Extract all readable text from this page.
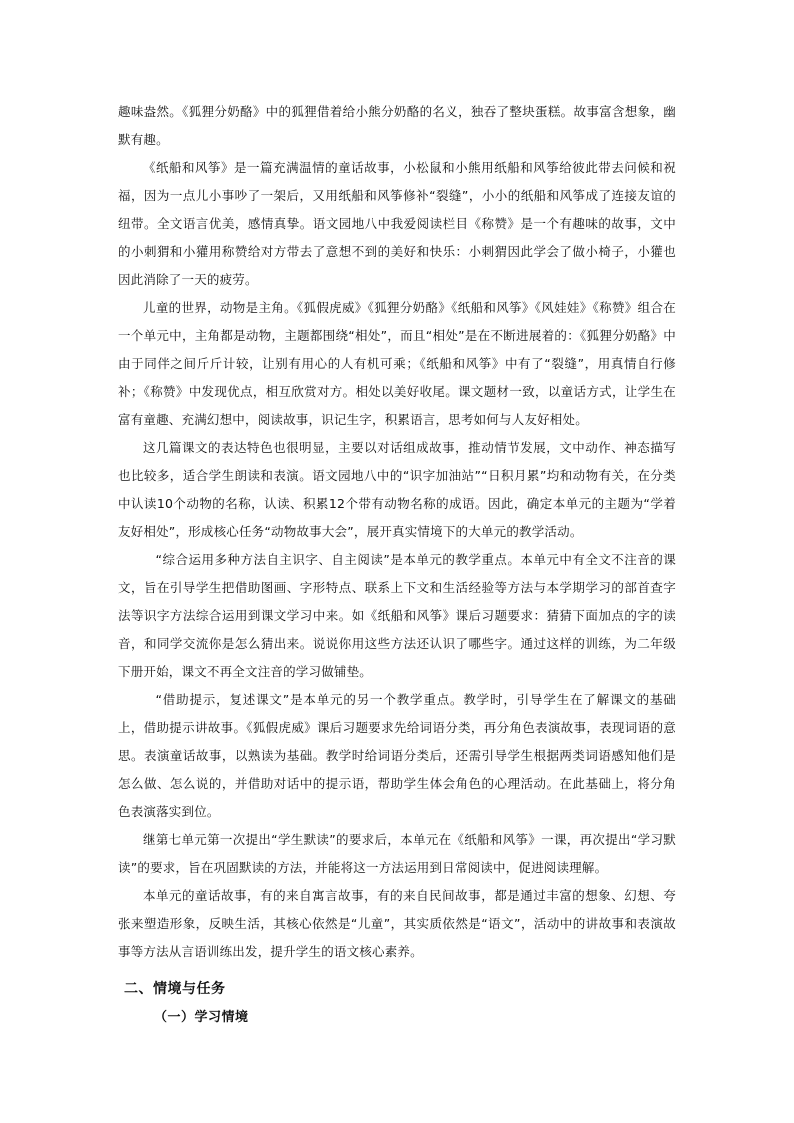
趣味盎然。《狐狸分奶酪》中的狐狸借着给小熊分奶酪的名义，独吞了整块蛋糕。故事富含想象，幽默有趣。

《纸船和风筝》是一篇充满温情的童话故事，小松鼠和小熊用纸船和风筝给彼此带去问候和祝福，因为一点儿小事吵了一架后，又用纸船和风筝修补“裂缝”，小小的纸船和风筝成了连接友谊的纽带。全文语言优美，感情真挚。语文园地八中我爱阅读栏目《称赞》是一个有趣味的故事，文中的小刺猬和小獾用称赞给对方带去了意想不到的美好和快乐：小刺猬因此学会了做小椅子，小獾也因此消除了一天的疲劳。

儿童的世界，动物是主角。《狐假虎威》《狐狸分奶酪》《纸船和风筝》《风娃娃》《称赞》组合在一个单元中，主角都是动物，主题都围绕“相处”，而且“相处”是在不断进展着的：《狐狸分奶酪》中由于同伴之间斤斤计较，让别有用心的人有机可乘；《纸船和风筝》中有了“裂缝”，用真情自行修补；《称赞》中发现优点，相互欣赏对方。相处以美好收尾。课文题材一致，以童话方式，让学生在富有童趣、充满幻想中，阅读故事，识记生字，积累语言，思考如何与人友好相处。

这几篇课文的表达特色也很明显，主要以对话组成故事，推动情节发展，文中动作、神态描写也比较多，适合学生朗读和表演。语文园地八中的“识字加油站”“日积月累”均和动物有关，在分类中认读10个动物的名称，认读、积累12个带有动物名称的成语。因此，确定本单元的主题为“学着友好相处”，形成核心任务“动物故事大会”，展开真实情境下的大单元的教学活动。

“综合运用多种方法自主识字、自主阅读”是本单元的教学重点。本单元中有全文不注音的课文，旨在引导学生把借助图画、字形特点、联系上下文和生活经验等方法与本学期学习的部首查字法等识字方法综合运用到课文学习中来。如《纸船和风筝》课后习题要求：猜猜下面加点的字的读音，和同学交流你是怎么猜出来。说说你用这些方法还认识了哪些字。通过这样的训练，为二年级下册开始，课文不再全文注音的学习做铺垫。

“借助提示，复述课文”是本单元的另一个教学重点。教学时，引导学生在了解课文的基础上，借助提示讲故事。《狐假虎威》课后习题要求先给词语分类，再分角色表演故事，表现词语的意思。表演童话故事，以熟读为基础。教学时给词语分类后，还需引导学生根据两类词语感知他们是怎么做、怎么说的，并借助对话中的提示语，帮助学生体会角色的心理活动。在此基础上，将分角色表演落实到位。

继第七单元第一次提出“学生默读”的要求后，本单元在《纸船和风筝》一课，再次提出“学习默读”的要求，旨在巩固默读的方法，并能将这一方法运用到日常阅读中，促进阅读理解。

本单元的童话故事，有的来自寓言故事，有的来自民间故事，都是通过丰富的想象、幻想、夸张来塑造形象，反映生活，其核心依然是“儿童”，其实质依然是“语文”，活动中的讲故事和表演故事等方法从言语训练出发，提升学生的语文核心素养。

二、情境与任务
（一）学习情境
